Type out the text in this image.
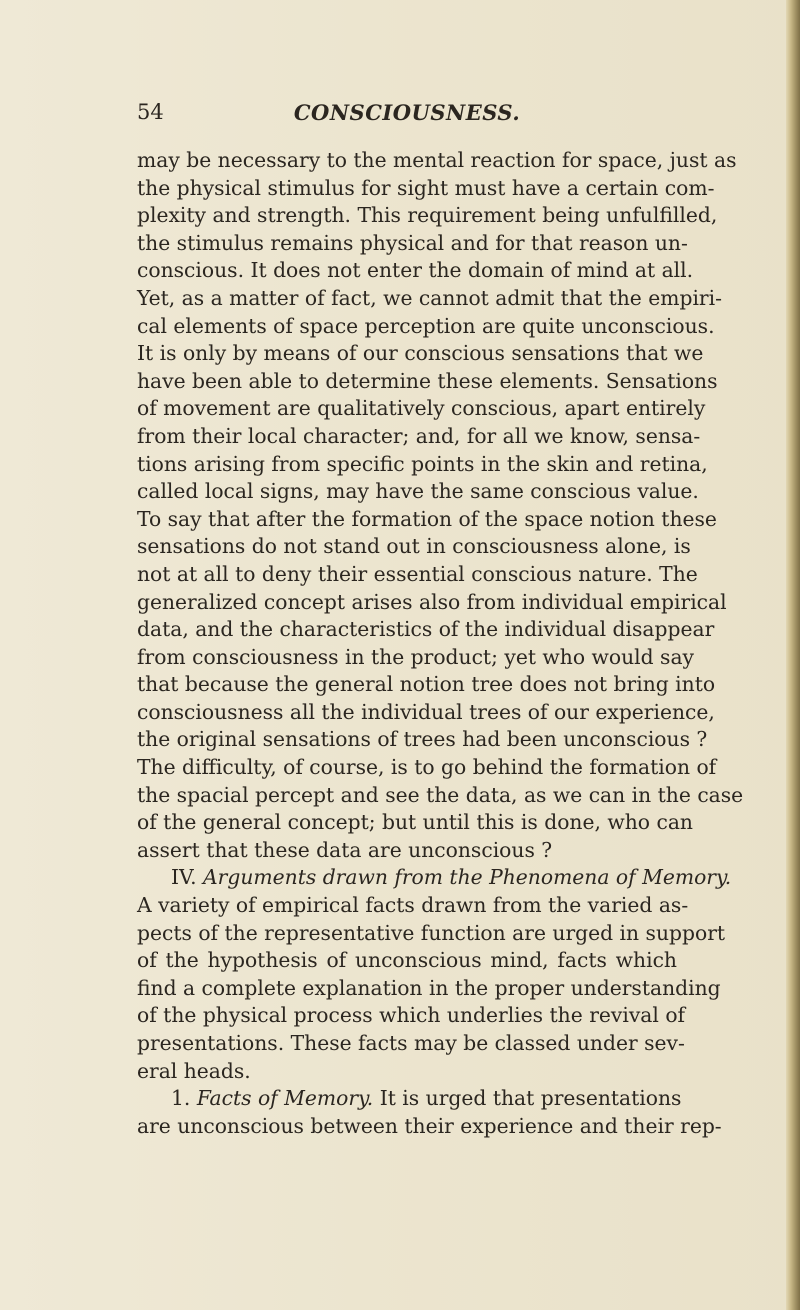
54	CONSCIOUSNESS.
may be necessary to the mental reaction for space, just as
the physical stimulus for sight must have a certain com-
plexity and strength. This requirement being unfulfilled,
the stimulus remains physical and for that reason un-
conscious. It does not enter the domain of mind at all.
Yet, as a matter of fact, we cannot admit that the empiri-
cal elements of space perception are quite unconscious.
It is only by means of our conscious sensations that we
have been able to determine these elements. Sensations
of movement are qualitatively conscious, apart entirely
from their local character; and, for all we know, sensa-
tions arising from specific points in the skin and retina,
called local signs, may have the same conscious value.
To say that after the formation of the space notion these
sensations do not stand out in consciousness alone, is
not at all to deny their essential conscious nature. The
generalized concept arises also from individual empirical
data, and the characteristics of the individual disappear
from consciousness in the product; yet who would say
that because the general notion tree does not bring into
consciousness all the individual trees of our experience,
the original sensations of trees had been unconscious ?
The difficulty, of course, is to go behind the formation of
the spacial percept and see the data, as we can in the case
of the general concept; but until this is done, who can
assert that these data are unconscious ?
IV. Arguments drawn from the Phenomena of Memory.
A variety of empirical facts drawn from the varied as-
pects of the representative function are urged in support
of the hypothesis of unconscious mind, facts which
find a complete explanation in the proper understanding
of the physical process which underlies the revival of
presentations. These facts may be classed under sev-
eral heads.
1. Facts of Memory. It is urged that presentations
are unconscious between their experience and their rep-
